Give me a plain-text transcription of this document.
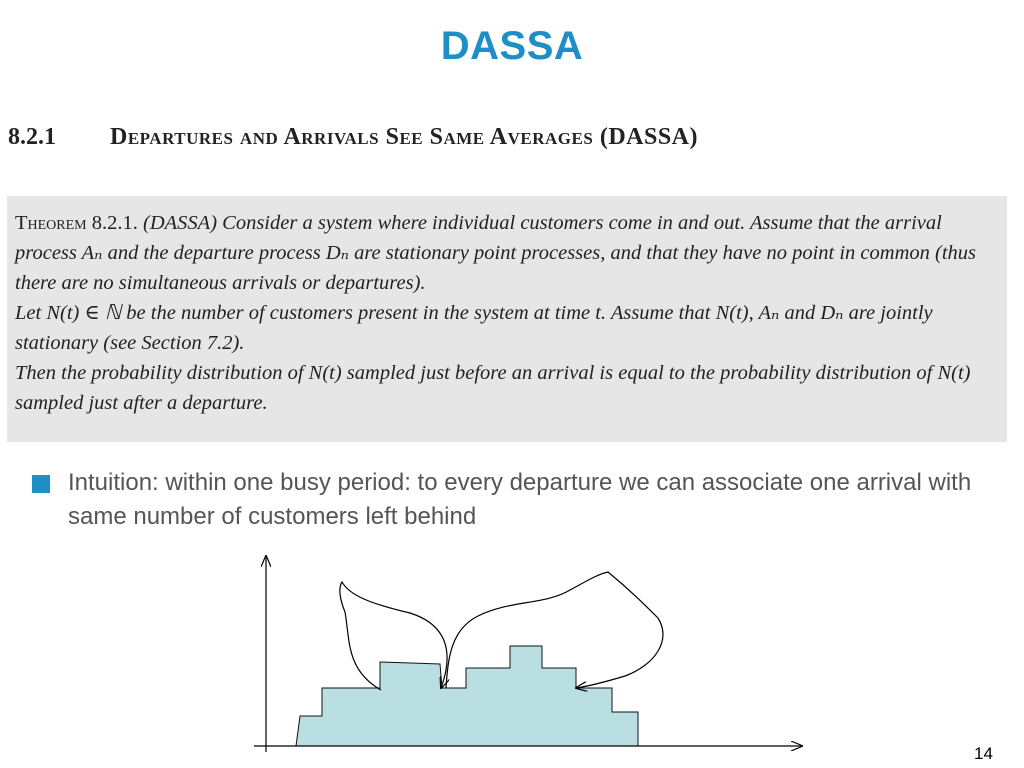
DASSA
8.2.1 Departures and Arrivals See Same Averages (DASSA)

Theorem 8.2.1. (DASSA) Consider a system where individual customers come in and out. Assume that the arrival process Aₙ and the departure process Dₙ are stationary point processes, and that they have no point in common (thus there are no simultaneous arrivals or departures).

Let N(t) ∈ ℕ be the number of customers present in the system at time t. Assume that N(t), Aₙ and Dₙ are jointly stationary (see Section 7.2).

Then the probability distribution of N(t) sampled just before an arrival is equal to the probability distribution of N(t) sampled just after a departure.

Intuition: within one busy period: to every departure we can associate one arrival with same number of customers left behind
14
